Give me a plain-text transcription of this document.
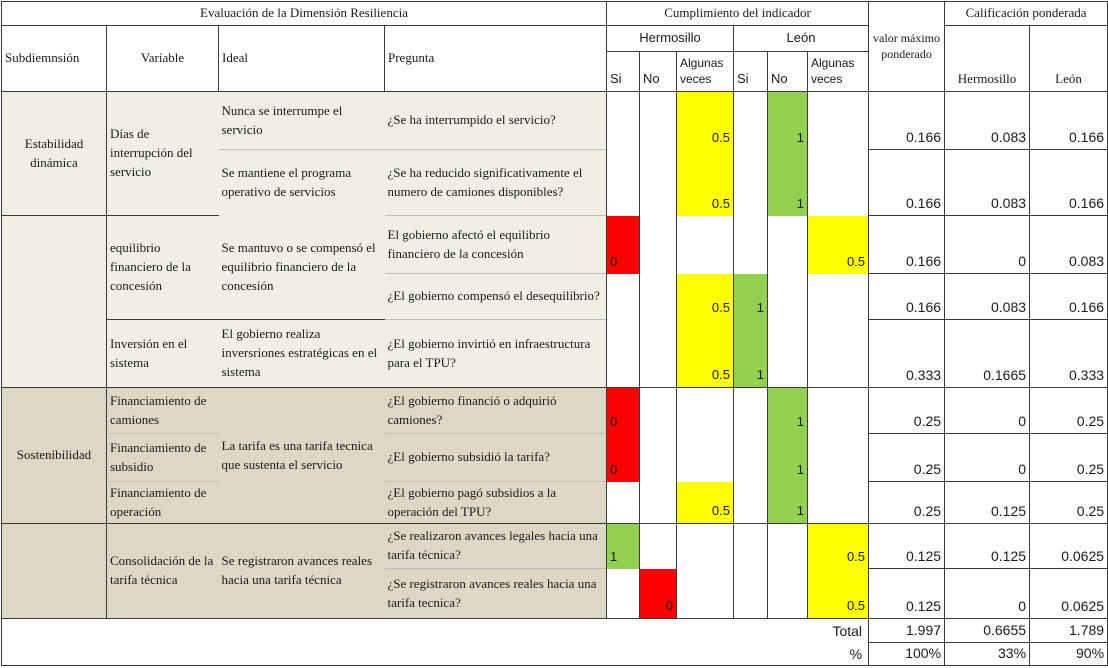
Evaluación de la Dimensión Resiliencia				Cumplimiento del indicador						valor máximo ponderado	Calificación ponderada	
Subdiemnsión	Variable	Ideal	Pregunta	Hermosillo			León				Hermosillo	León
				Si	No	Algunas veces	Si	No	Algunas veces			
Estabilidad dinámica	Días de interrupción del servicio	Nunca se interrumpe el servicio	¿Se ha interrumpido el servicio?			0.5		1		0.166	0.083	0.166
		Se mantiene el programa operativo de servicios	¿Se ha reducido significativamente el numero de camiones disponibles?			0.5		1		0.166	0.083	0.166
	equilibrio financiero de la concesión	Se mantuvo o se compensó el equilibrio financiero de la concesión	El gobierno afectó el equilibrio financiero de la concesión	0					0.5	0.166	0	0.083
			¿El gobierno compensó el desequilibrio?			0.5	1			0.166	0.083	0.166
	Inversión en el sistema	El gobierno realiza inversriones estratégicas en el sistema	¿El gobierno invirtió en infraestructura para el TPU?			0.5	1			0.333	0.1665	0.333
Sostenibilidad	Financiamiento de camiones	La tarifa es una tarifa tecnica que sustenta el servicio	¿El gobierno financió o adquirió camiones?	0				1		0.25	0	0.25
	Financiamiento de subsidio		¿El gobierno subsidió la tarifa?	0				1		0.25	0	0.25
	Financiamiento de operación		¿El gobierno pagó subsidios a la operación del TPU?			0.5		1		0.25	0.125	0.25
	Consolidación de la tarifa técnica	Se registraron avances reales hacia una tarifa técnica	¿Se realizaron avances legales hacia una tarifa técnica?	1					0.5	0.125	0.125	0.0625
			¿Se registraron avances reales hacia una tarifa tecnica?		0				0.5	0.125	0	0.0625
Total										1.997	0.6655	1.789
%										100%	33%	90%
